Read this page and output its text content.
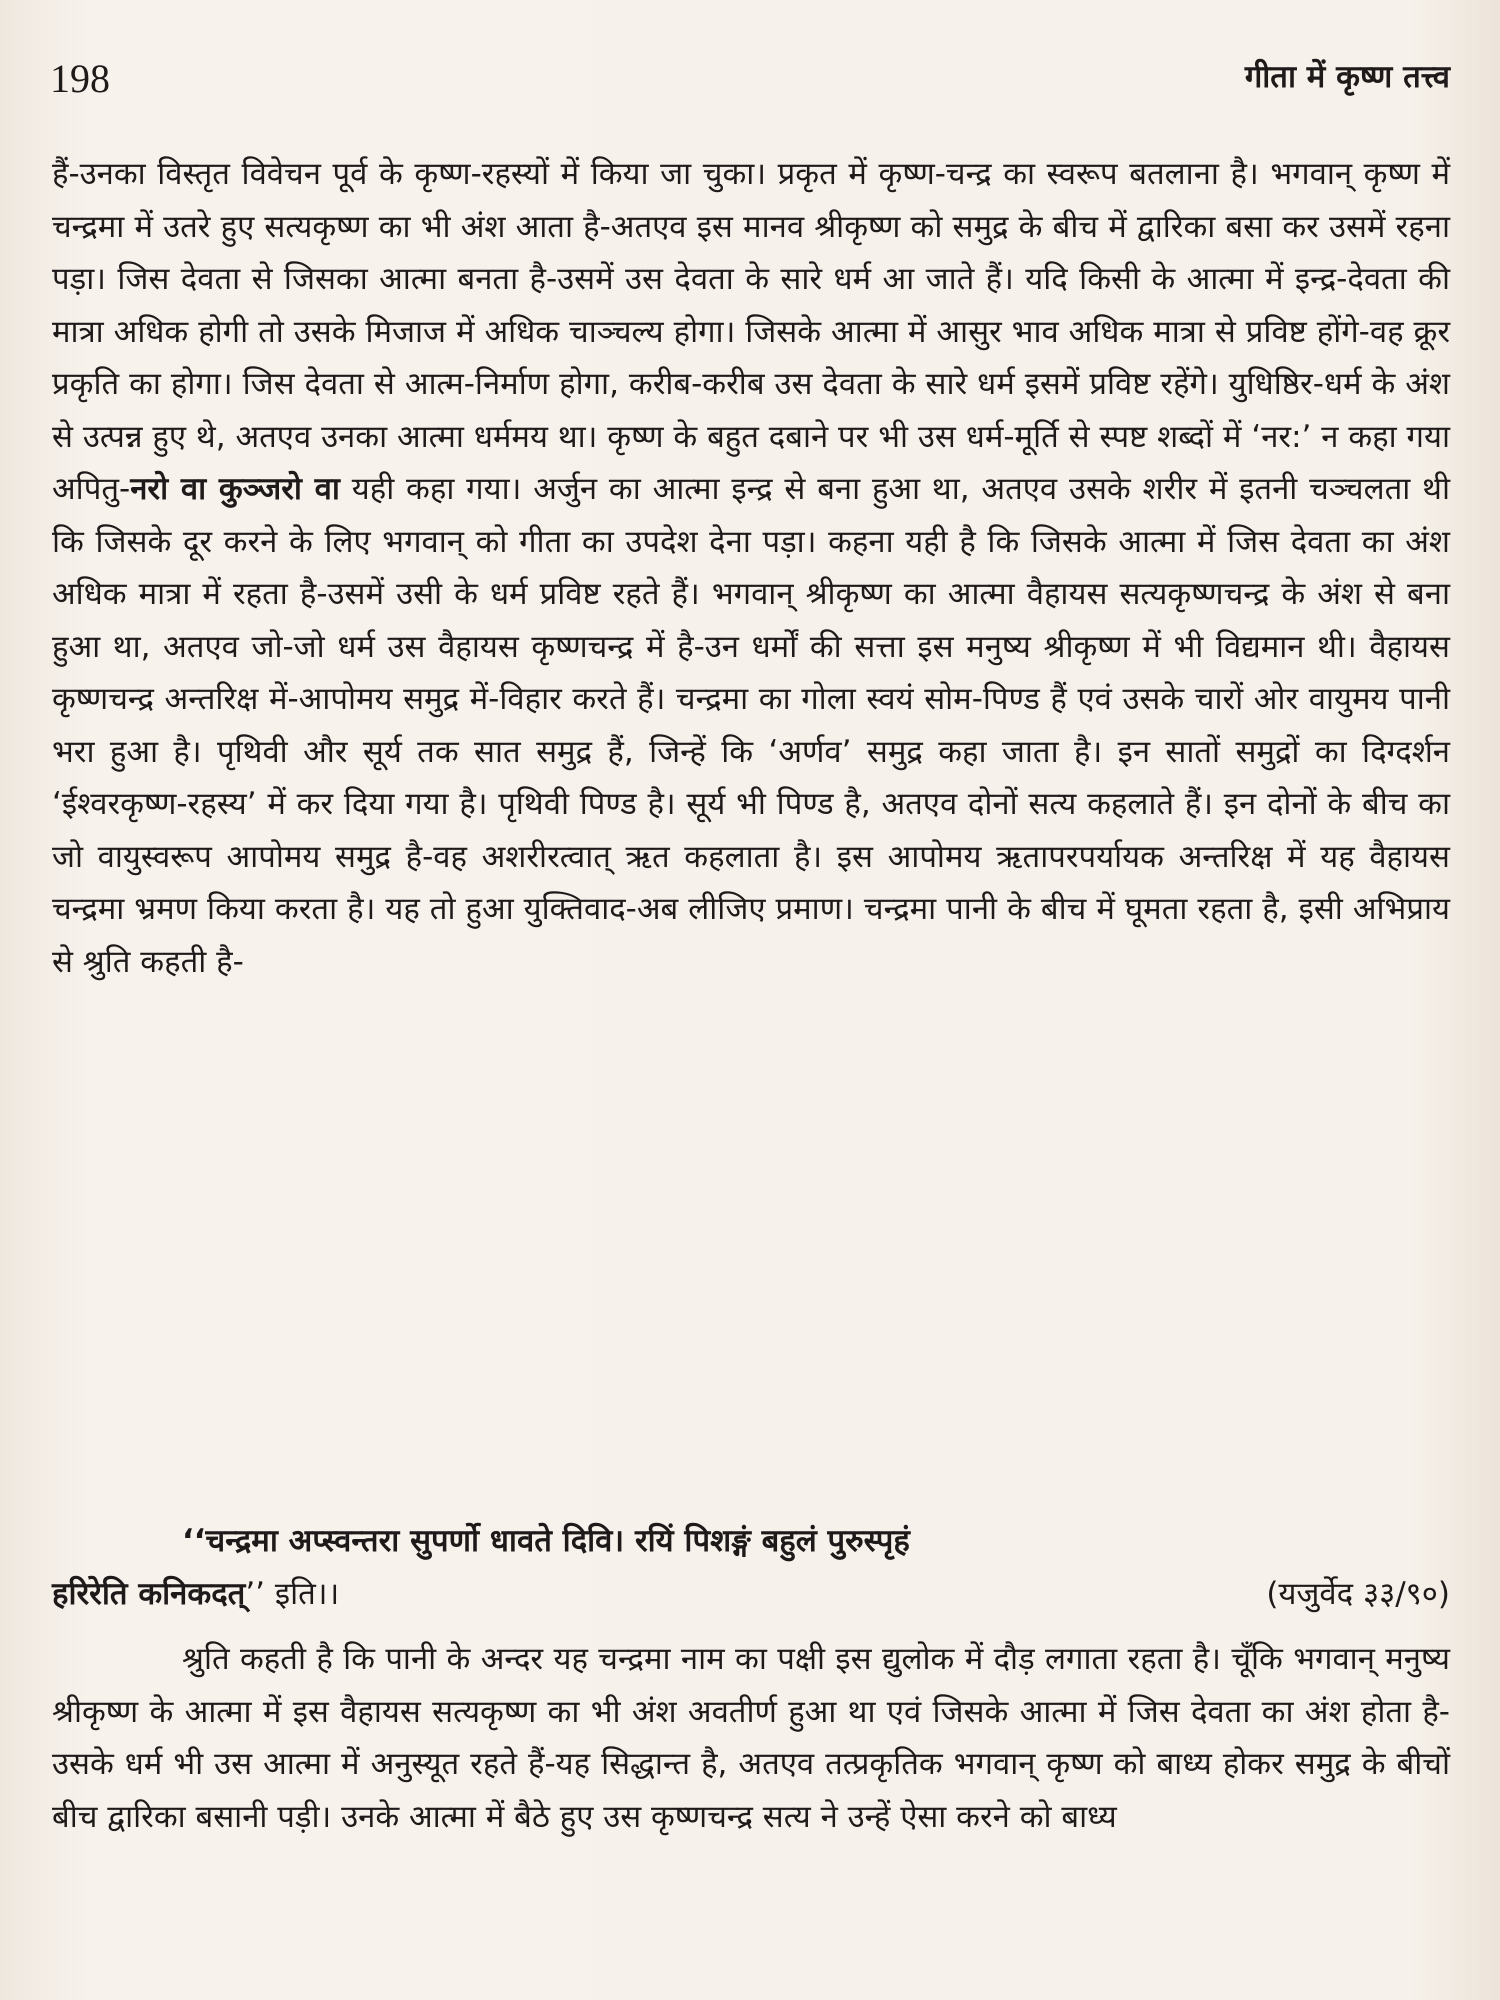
198	गीता में कृष्ण तत्त्व

हैं-उनका विस्तृत विवेचन पूर्व के कृष्ण-रहस्यों में किया जा चुका। प्रकृत में कृष्ण-चन्द्र का स्वरूप बतलाना है। भगवान् कृष्ण में चन्द्रमा में उतरे हुए सत्यकृष्ण का भी अंश आता है-अतएव इस मानव श्रीकृष्ण को समुद्र के बीच में द्वारिका बसा कर उसमें रहना पड़ा। जिस देवता से जिसका आत्मा बनता है-उसमें उस देवता के सारे धर्म आ जाते हैं। यदि किसी के आत्मा में इन्द्र-देवता की मात्रा अधिक होगी तो उसके मिजाज में अधिक चाञ्चल्य होगा। जिसके आत्मा में आसुर भाव अधिक मात्रा से प्रविष्ट होंगे-वह क्रूर प्रकृति का होगा। जिस देवता से आत्म-निर्माण होगा, करीब-करीब उस देवता के सारे धर्म इसमें प्रविष्ट रहेंगे। युधिष्ठिर-धर्म के अंश से उत्पन्न हुए थे, अतएव उनका आत्मा धर्ममय था। कृष्ण के बहुत दबाने पर भी उस धर्म-मूर्ति से स्पष्ट शब्दों में ‘नर:’ न कहा गया अपितु-नरो वा कुञ्जरो वा यही कहा गया। अर्जुन का आत्मा इन्द्र से बना हुआ था, अतएव उसके शरीर में इतनी चञ्चलता थी कि जिसके दूर करने के लिए भगवान् को गीता का उपदेश देना पड़ा। कहना यही है कि जिसके आत्मा में जिस देवता का अंश अधिक मात्रा में रहता है-उसमें उसी के धर्म प्रविष्ट रहते हैं। भगवान् श्रीकृष्ण का आत्मा वैहायस सत्यकृष्णचन्द्र के अंश से बना हुआ था, अतएव जो-जो धर्म उस वैहायस कृष्णचन्द्र में है-उन धर्मों की सत्ता इस मनुष्य श्रीकृष्ण में भी विद्यमान थी। वैहायस कृष्णचन्द्र अन्तरिक्ष में-आपोमय समुद्र में-विहार करते हैं। चन्द्रमा का गोला स्वयं सोम-पिण्ड हैं एवं उसके चारों ओर वायुमय पानी भरा हुआ है। पृथिवी और सूर्य तक सात समुद्र हैं, जिन्हें कि ‘अर्णव’ समुद्र कहा जाता है। इन सातों समुद्रों का दिग्दर्शन ‘ईश्वरकृष्ण-रहस्य’ में कर दिया गया है। पृथिवी पिण्ड है। सूर्य भी पिण्ड है, अतएव दोनों सत्य कहलाते हैं। इन दोनों के बीच का जो वायुस्वरूप आपोमय समुद्र है-वह अशरीरत्वात् ऋत कहलाता है। इस आपोमय ऋतापरपर्यायक अन्तरिक्ष में यह वैहायस चन्द्रमा भ्रमण किया करता है। यह तो हुआ युक्तिवाद-अब लीजिए प्रमाण। चन्द्रमा पानी के बीच में घूमता रहता है, इसी अभिप्राय से श्रुति कहती है-

‘‘चन्द्रमा अप्स्वन्तरा सुपर्णो धावते दिवि। रयिं पिशङ्गं बहुलं पुरुस्पृहं
हरिरेति कनिकदत्’’ इति।।	(यजुर्वेद ३३/९०)

श्रुति कहती है कि पानी के अन्दर यह चन्द्रमा नाम का पक्षी इस द्युलोक में दौड़ लगाता रहता है। चूँकि भगवान् मनुष्य श्रीकृष्ण के आत्मा में इस वैहायस सत्यकृष्ण का भी अंश अवतीर्ण हुआ था एवं जिसके आत्मा में जिस देवता का अंश होता है-उसके धर्म भी उस आत्मा में अनुस्यूत रहते हैं-यह सिद्धान्त है, अतएव तत्प्रकृतिक भगवान् कृष्ण को बाध्य होकर समुद्र के बीचों बीच द्वारिका बसानी पड़ी। उनके आत्मा में बैठे हुए उस कृष्णचन्द्र सत्य ने उन्हें ऐसा करने को बाध्य
